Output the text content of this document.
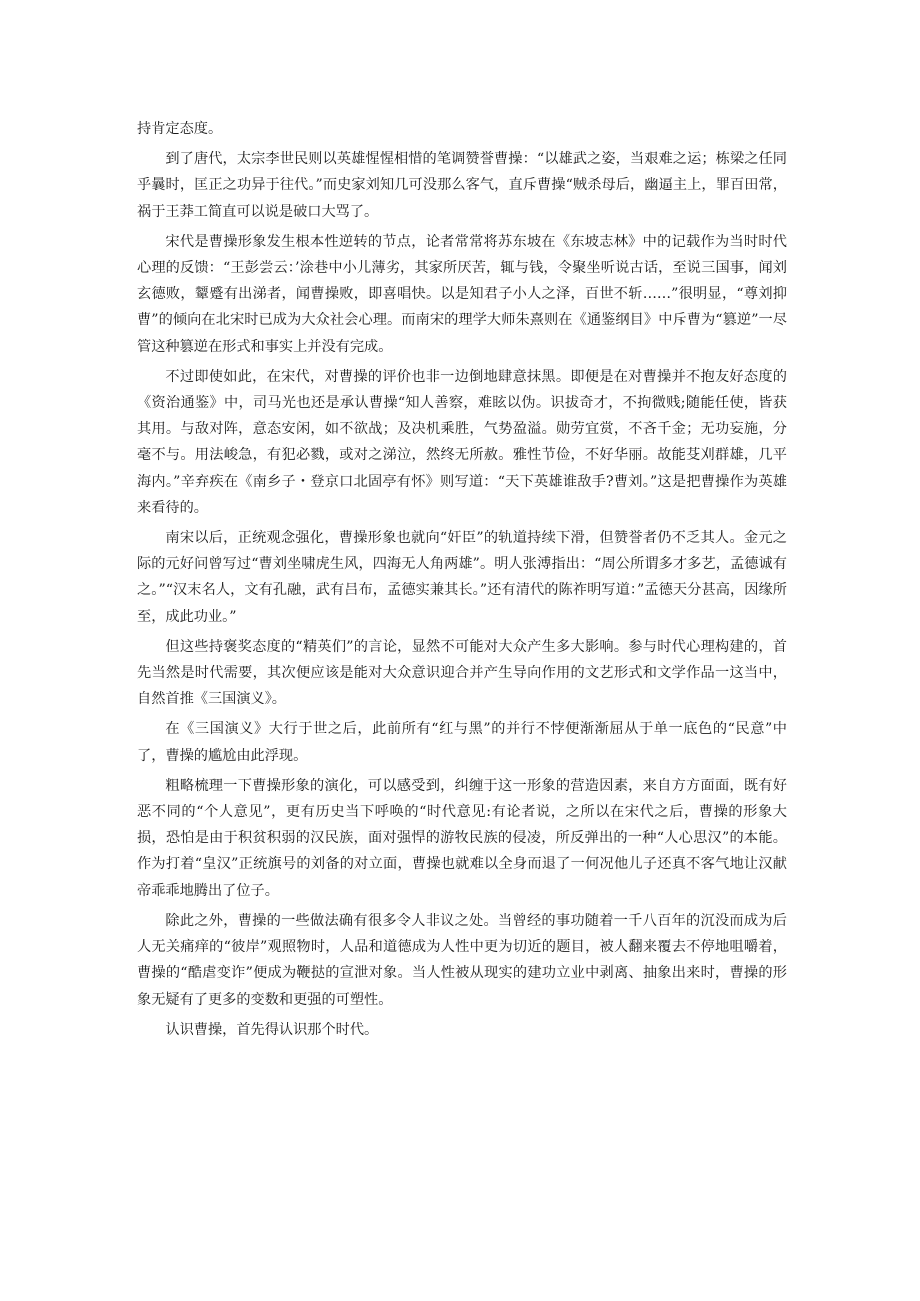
持肯定态度。

到了唐代，太宗李世民则以英雄惺惺相惜的笔调赞誉曹操：“以雄武之姿，当艰难之运；栋梁之任同乎曩时，匡正之功异于往代。”而史家刘知几可没那么客气，直斥曹操“贼杀母后，幽逼主上，罪百田常，祸于王莽工简直可以说是破口大骂了。

宋代是曹操形象发生根本性逆转的节点，论者常常将苏东坡在《东坡志林》中的记载作为当时时代心理的反馈：“王彭尝云：’涂巷中小儿薄劣，其家所厌苦，辄与钱，令聚坐听说古话，至说三国事，闻刘玄德败，颦蹙有出涕者，闻曹操败，即喜唱快。以是知君子小人之泽，百世不斩……”很明显，“尊刘抑曹”的倾向在北宋时已成为大众社会心理。而南宋的理学大师朱熹则在《通鉴纲目》中斥曹为“篡逆”一尽管这种篡逆在形式和事实上并没有完成。

不过即使如此，在宋代，对曹操的评价也非一边倒地肆意抹黑。即便是在对曹操并不抱友好态度的《资治通鉴》中，司马光也还是承认曹操“知人善察，难眩以伪。识拔奇才，不拘微贱;随能任使，皆获其用。与敌对阵，意态安闲，如不欲战；及决机乘胜，气势盈溢。勋劳宜赏，不吝千金；无功妄施，分毫不与。用法峻急，有犯必戮，或对之涕泣，然终无所赦。雅性节俭，不好华丽。故能芟刈群雄，几平海内。”辛弃疾在《南乡子・登京口北固亭有怀》则写道：“天下英雄谁敌手?曹刘。”这是把曹操作为英雄来看待的。

南宋以后，正统观念强化，曹操形象也就向“奸臣”的轨道持续下滑，但赞誉者仍不乏其人。金元之际的元好问曾写过“曹刘坐啸虎生风，四海无人角两雄”。明人张溥指出：“周公所谓多才多艺，孟德诚有之。”“汉末名人，文有孔融，武有吕布，孟德实兼其长。”还有清代的陈祚明写道：”孟德天分甚高，因缘所至，成此功业。”

但这些持褒奖态度的“精英们”的言论，显然不可能对大众产生多大影响。参与时代心理构建的，首先当然是时代需要，其次便应该是能对大众意识迎合并产生导向作用的文艺形式和文学作品一这当中，自然首推《三国演义》。

在《三国演义》大行于世之后，此前所有“红与黑”的并行不悖便渐渐屈从于单一底色的“民意”中了，曹操的尴尬由此浮现。

粗略梳理一下曹操形象的演化，可以感受到，纠缠于这一形象的营造因素，来自方方面面，既有好恶不同的“个人意见”，更有历史当下呼唤的“时代意见:有论者说，之所以在宋代之后，曹操的形象大损，恐怕是由于积贫积弱的汉民族，面对强悍的游牧民族的侵凌，所反弹出的一种“人心思汉”的本能。作为打着“皇汉”正统旗号的刘备的对立面，曹操也就难以全身而退了一何况他儿子还真不客气地让汉献帝乖乖地腾出了位子。

除此之外，曹操的一些做法确有很多令人非议之处。当曾经的事功随着一千八百年的沉没而成为后人无关痛痒的“彼岸”观照物时，人品和道德成为人性中更为切近的题目，被人翻来覆去不停地咀嚼着，曹操的“酷虐变诈”便成为鞭挞的宣泄对象。当人性被从现实的建功立业中剥离、抽象出来时，曹操的形象无疑有了更多的变数和更强的可塑性。

认识曹操，首先得认识那个时代。
